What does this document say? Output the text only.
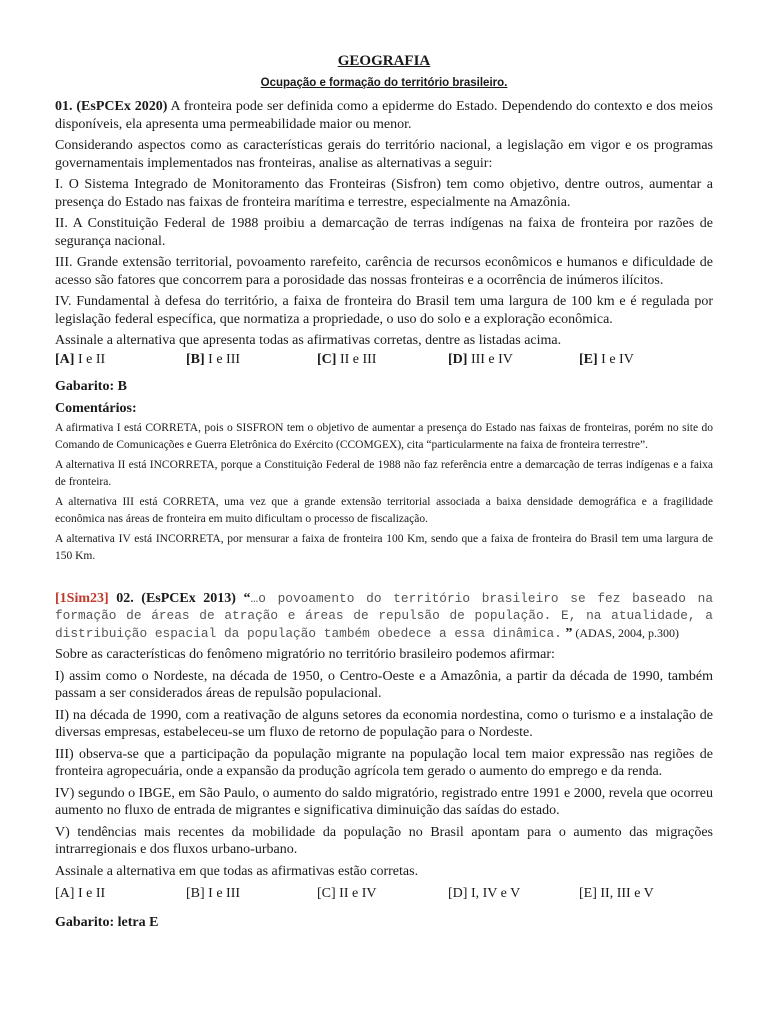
GEOGRAFIA
Ocupação e formação do território brasileiro.

01. (EsPCEx 2020) A fronteira pode ser definida como a epiderme do Estado. Dependendo do contexto e dos meios disponíveis, ela apresenta uma permeabilidade maior ou menor.

Considerando aspectos como as características gerais do território nacional, a legislação em vigor e os programas governamentais implementados nas fronteiras, analise as alternativas a seguir:

I. O Sistema Integrado de Monitoramento das Fronteiras (Sisfron) tem como objetivo, dentre outros, aumentar a presença do Estado nas faixas de fronteira marítima e terrestre, especialmente na Amazônia.

II. A Constituição Federal de 1988 proibiu a demarcação de terras indígenas na faixa de fronteira por razões de segurança nacional.

III. Grande extensão territorial, povoamento rarefeito, carência de recursos econômicos e humanos e dificuldade de acesso são fatores que concorrem para a porosidade das nossas fronteiras e a ocorrência de inúmeros ilícitos.

IV. Fundamental à defesa do território, a faixa de fronteira do Brasil tem uma largura de 100 km e é regulada por legislação federal específica, que normatiza a propriedade, o uso do solo e a exploração econômica.

Assinale a alternativa que apresenta todas as afirmativas corretas, dentre as listadas acima.

[A] I e II	[B] I e III	[C] II e III	[D] III e IV	[E] I e IV
Gabarito: B
Comentários:

A afirmativa I está CORRETA, pois o SISFRON tem o objetivo de aumentar a presença do Estado nas faixas de fronteiras, porém no site do Comando de Comunicações e Guerra Eletrônica do Exército (CCOMGEX), cita “particularmente na faixa de fronteira terrestre”.

A alternativa II está INCORRETA, porque a Constituição Federal de 1988 não faz referência entre a demarcação de terras indígenas e a faixa de fronteira.

A alternativa III está CORRETA, uma vez que a grande extensão territorial associada a baixa densidade demográfica e a fragilidade econômica nas áreas de fronteira em muito dificultam o processo de fiscalização.

A alternativa IV está INCORRETA, por mensurar a faixa de fronteira 100 Km, sendo que a faixa de fronteira do Brasil tem uma largura de 150 Km.

[1Sim23] 02. (EsPCEx 2013) “…o povoamento do território brasileiro se fez baseado na formação de áreas de atração e áreas de repulsão de população. E, na atualidade, a distribuição espacial da população também obedece a essa dinâmica. ” (ADAS, 2004, p.300)

Sobre as características do fenômeno migratório no território brasileiro podemos afirmar:

I) assim como o Nordeste, na década de 1950, o Centro-Oeste e a Amazônia, a partir da década de 1990, também passam a ser considerados áreas de repulsão populacional.

II) na década de 1990, com a reativação de alguns setores da economia nordestina, como o turismo e a instalação de diversas empresas, estabeleceu-se um fluxo de retorno de população para o Nordeste.

III) observa-se que a participação da população migrante na população local tem maior expressão nas regiões de fronteira agropecuária, onde a expansão da produção agrícola tem gerado o aumento do emprego e da renda.

IV) segundo o IBGE, em São Paulo, o aumento do saldo migratório, registrado entre 1991 e 2000, revela que ocorreu aumento no fluxo de entrada de migrantes e significativa diminuição das saídas do estado.

V) tendências mais recentes da mobilidade da população no Brasil apontam para o aumento das migrações intrarregionais e dos fluxos urbano-urbano.

Assinale a alternativa em que todas as afirmativas estão corretas.

[A] I e II	[B] I e III	[C] II e IV	[D] I, IV e V	[E] II, III e V
Gabarito: letra E
